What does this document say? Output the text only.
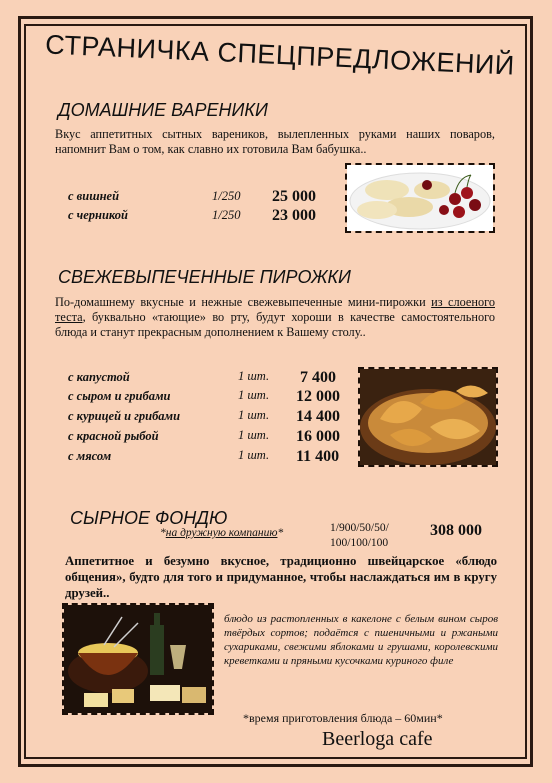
СТРАНИЧКА СПЕЦПРЕДЛОЖЕНИЙ
ДОМАШНИЕ ВАРЕНИКИ
Вкус аппетитных сытных вареников, вылепленных руками наших поваров, напомнит Вам о том, как славно их готовила Вам бабушка..
с вишней	1/250 25 000
с черникой	1/250 23 000
СВЕЖЕВЫПЕЧЕННЫЕ ПИРОЖКИ
По-домашнему вкусные и нежные свежевыпеченные мини-пирожки из слоеного теста, буквально «тающие» во рту, будут хороши в качестве самостоятельного блюда и станут прекрасным дополнением к Вашему столу..
с капустой	1 шт. 7 400
с сыром и грибами	1 шт. 12 000
с курицей и грибами	1 шт. 14 400
с красной рыбой	1 шт. 16 000
с мясом	1 шт. 11 400
СЫРНОЕ ФОНДЮ
*на дружную компанию*	1/900/50/50/
100/100/100
308 000
Аппетитное и безумно вкусное, традиционно швейцарское «блюдо общения», будто для того и придуманное, чтобы наслаждаться им в кругу друзей..
блюдо из растопленных в какелоне с белым вином сыров твёрдых сортов; подаётся с пшеничными и ржаными сухариками, свежими яблоками и грушами, королевскими креветками и пряными кусочками куриного филе
*время приготовления блюда – 60мин*
Beerloga cafe
